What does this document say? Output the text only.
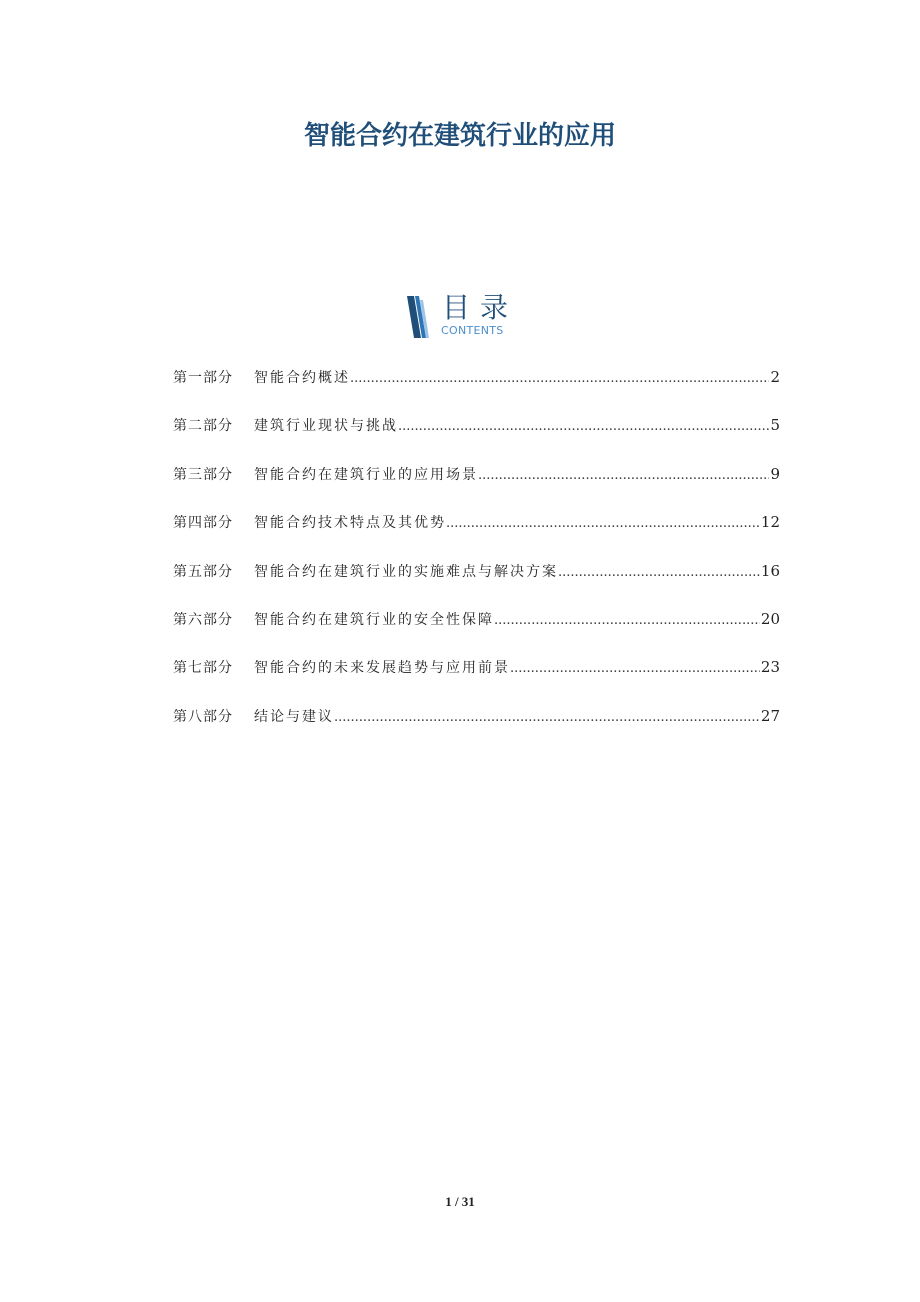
智能合约在建筑行业的应用
目录
CONTENTS
第一部分	智能合约概述 .....	2
第二部分	建筑行业现状与挑战 .....	5
第三部分	智能合约在建筑行业的应用场景 .....	9
第四部分	智能合约技术特点及其优势 .....	12
第五部分	智能合约在建筑行业的实施难点与解决方案 .....	16
第六部分	智能合约在建筑行业的安全性保障 .....	20
第七部分	智能合约的未来发展趋势与应用前景 .....	23
第八部分	结论与建议 .....	27
1 / 31
